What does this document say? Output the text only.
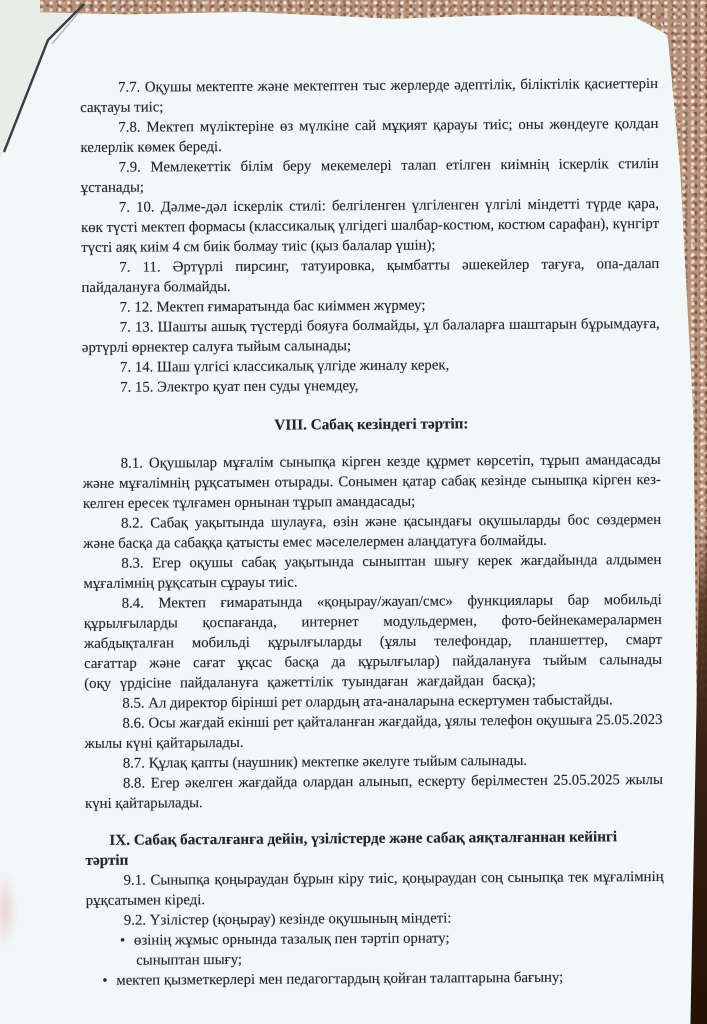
7.7. Оқушы мектепте және мектептен тыс жерлерде әдептілік, біліктілік қасиеттерін сақтауы тиіс;

7.8. Мектеп мүліктеріне өз мүлкіне сай мұқият қарауы тиіс; оны жөндеуге қолдан келерлік көмек береді.

7.9. Мемлекеттік білім беру мекемелері талап етілген киімнің іскерлік стилін ұстанады;

7. 10. Дәлме-дәл іскерлік стилі: белгіленген үлгіленген үлгілі міндетті түрде қара, көк түсті мектеп формасы (классикалық үлгідегі шалбар-костюм, костюм сарафан), күнгірт түсті аяқ киім 4 см биік болмау тиіс (қыз балалар үшін);

7. 11. Әртүрлі пирсинг, татуировка, қымбатты әшекейлер тағуға, опа-далап пайдалануға болмайды.

7. 12. Мектеп ғимаратында бас киіммен жүрмеу;

7. 13. Шашты ашық түстерді бояуға болмайды, ұл балаларға шаштарын бұрымдауға, әртүрлі өрнектер салуға тыйым салынады;

7. 14. Шаш үлгісі классикалық үлгіде жиналу керек,

7. 15. Электро қуат пен суды үнемдеу,

VIII. Сабақ кезіндегі тәртіп:

8.1. Оқушылар мұғалім сыныпқа кірген кезде құрмет көрсетіп, тұрып амандасады және мұғалімнің рұқсатымен отырады. Сонымен қатар сабақ кезінде сыныпқа кірген кез-келген ересек тұлғамен орнынан тұрып амандасады;

8.2. Сабақ уақытында шулауға, өзін және қасындағы оқушыларды бос сөздермен және басқа да сабаққа қатысты емес мәселелермен алаңдатуға болмайды.

8.3. Егер оқушы сабақ уақытында сыныптан шығу керек жағдайында алдымен мұғалімнің рұқсатын сұрауы тиіс.

8.4. Мектеп ғимаратында «қоңырау/жауап/смс» функциялары бар мобильді құрылғыларды қоспағанда, интернет модульдермен, фото-бейнекамералармен жабдықталған мобильді құрылғыларды (ұялы телефондар, планшеттер, смарт сағаттар және сағат ұқсас басқа да құрылғылар) пайдалануға тыйым салынады (оқу үрдісіне пайдалануға қажеттілік туындаған жағдайдан басқа);

8.5. Ал директор бірінші рет олардың ата-аналарына ескертумен табыстайды.

8.6. Осы жағдай екінші рет қайталанған жағдайда, ұялы телефон оқушыға 25.05.2023 жылы күні қайтарылады.

8.7. Құлақ қапты (наушник) мектепке әкелуге тыйым салынады.

8.8. Егер әкелген жағдайда олардан алынып, ескерту берілместен 25.05.2025 жылы күні қайтарылады.

IX. Сабақ басталғанға дейін, үзілістерде және сабақ аяқталғаннан кейінгі тәртіп

9.1. Сыныпқа қоңыраудан бұрын кіру тиіс, қоңыраудан соң сыныпқа тек мұғалімнің рұқсатымен кіреді.

9.2. Үзілістер (қоңырау) кезінде оқушының міндеті:

• өзінің жұмыс орнында тазалық пен тәртіп орнату;
сыныптан шығу;
• мектеп қызметкерлері мен педагогтардың қойған талаптарына бағыну;
